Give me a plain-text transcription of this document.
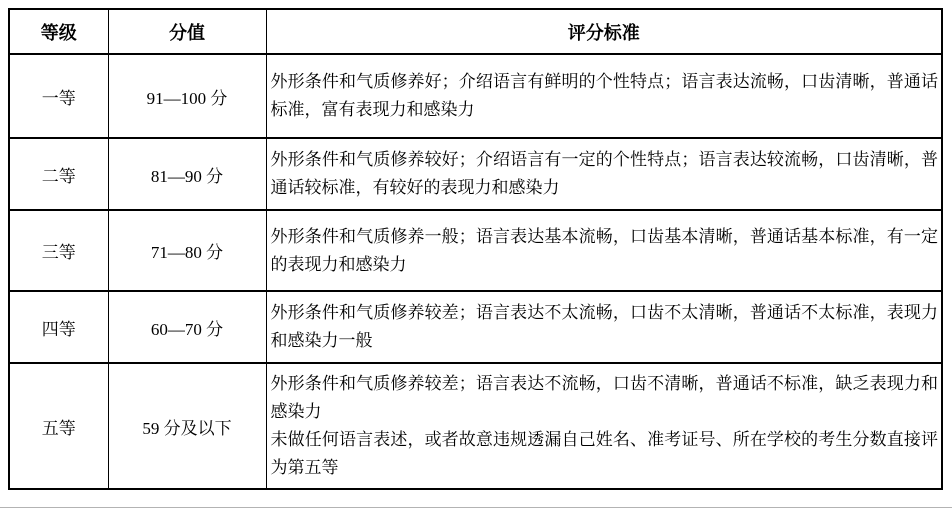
等级	分值	评分标准
一等	91—100 分	外形条件和气质修养好；介绍语言有鲜明的个性特点；语言表达流畅，口齿清晰，普通话标准，富有表现力和感染力

二等	81—90 分	外形条件和气质修养较好；介绍语言有一定的个性特点；语言表达较流畅，口齿清晰，普通话较标准，有较好的表现力和感染力

三等	71—80 分	外形条件和气质修养一般；语言表达基本流畅，口齿基本清晰，普通话基本标准，有一定的表现力和感染力

四等	60—70 分	外形条件和气质修养较差；语言表达不太流畅，口齿不太清晰，普通话不太标准，表现力和感染力一般

五等	59 分及以下	外形条件和气质修养较差；语言表达不流畅，口齿不清晰，普通话不标准，缺乏表现力和感染力
未做任何语言表述，或者故意违规透漏自己姓名、准考证号、所在学校的考生分数直接评为第五等
